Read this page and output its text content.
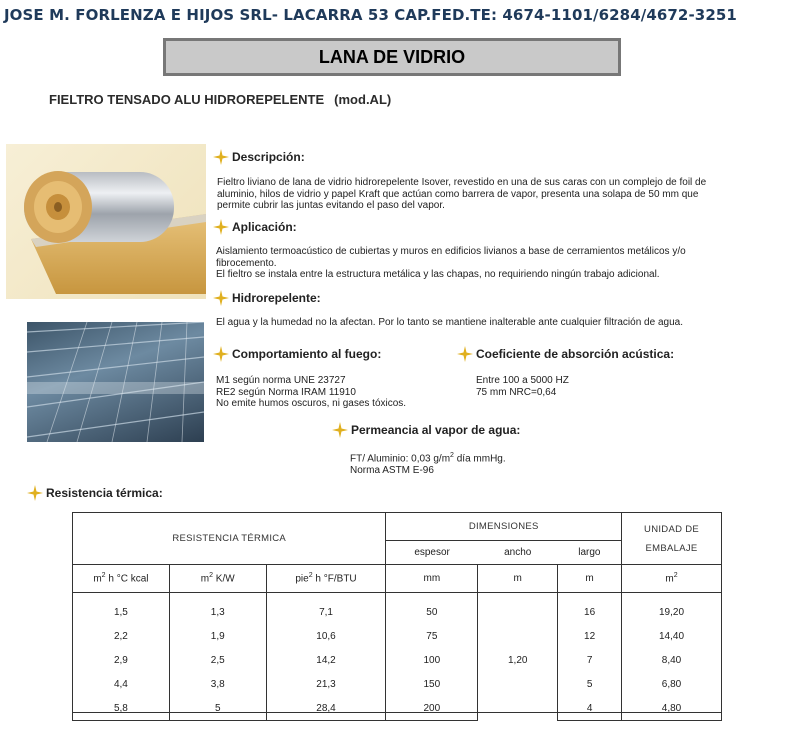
JOSE M. FORLENZA E HIJOS SRL- LACARRA 53 CAP.FED.TE: 4674-1101/6284/4672-3251
LANA DE VIDRIO
FIELTRO TENSADO ALU HIDROREPELENTE (mod.AL)
Descripción:
Fieltro liviano de lana de vidrio hidrorepelente Isover, revestido en una de sus caras con un complejo de foil de aluminio, hilos de vidrio y papel Kraft que actúan como barrera de vapor, presenta una solapa de 50 mm que permite cubrir las juntas evitando el paso del vapor.
Aplicación:
Aislamiento termoacústico de cubiertas y muros en edificios livianos a base de cerramientos metálicos y/o fibrocemento.
El fieltro se instala entre la estructura metálica y las chapas, no requiriendo ningún trabajo adicional.
Hidrorepelente:
El agua y la humedad no la afectan. Por lo tanto se mantiene inalterable ante cualquier filtración de agua.
Comportamiento al fuego:
M1 según norma UNE 23727
RE2 según Norma IRAM 11910
No emite humos oscuros, ni gases tóxicos.
Coeficiente de absorción acústica:
Entre 100 a 5000 HZ
75 mm NRC=0,64
Permeancia al vapor de agua:
FT/ Aluminio: 0,03 $g/m^2$ día mmHg.
Norma ASTM E-96
Resistencia térmica:
RESISTENCIA TÉRMICA			DIMENSIONES			UNIDAD DE EMBALAJE
			espesor	ancho	largo	
$m^2$ h °C kcal	$m^2$ K/W	pie$^2$ h °F/BTU	mm	m	m	$m^2$

1,5	1,3	7,1	50	1,20	16	19,20
2,2	1,9	10,6	75		12	14,40
2,9	2,5	14,2	100		7	8,40
4,4	3,8	21,3	150		5	6,80
5,8	5	28,4	200		4	4,80
